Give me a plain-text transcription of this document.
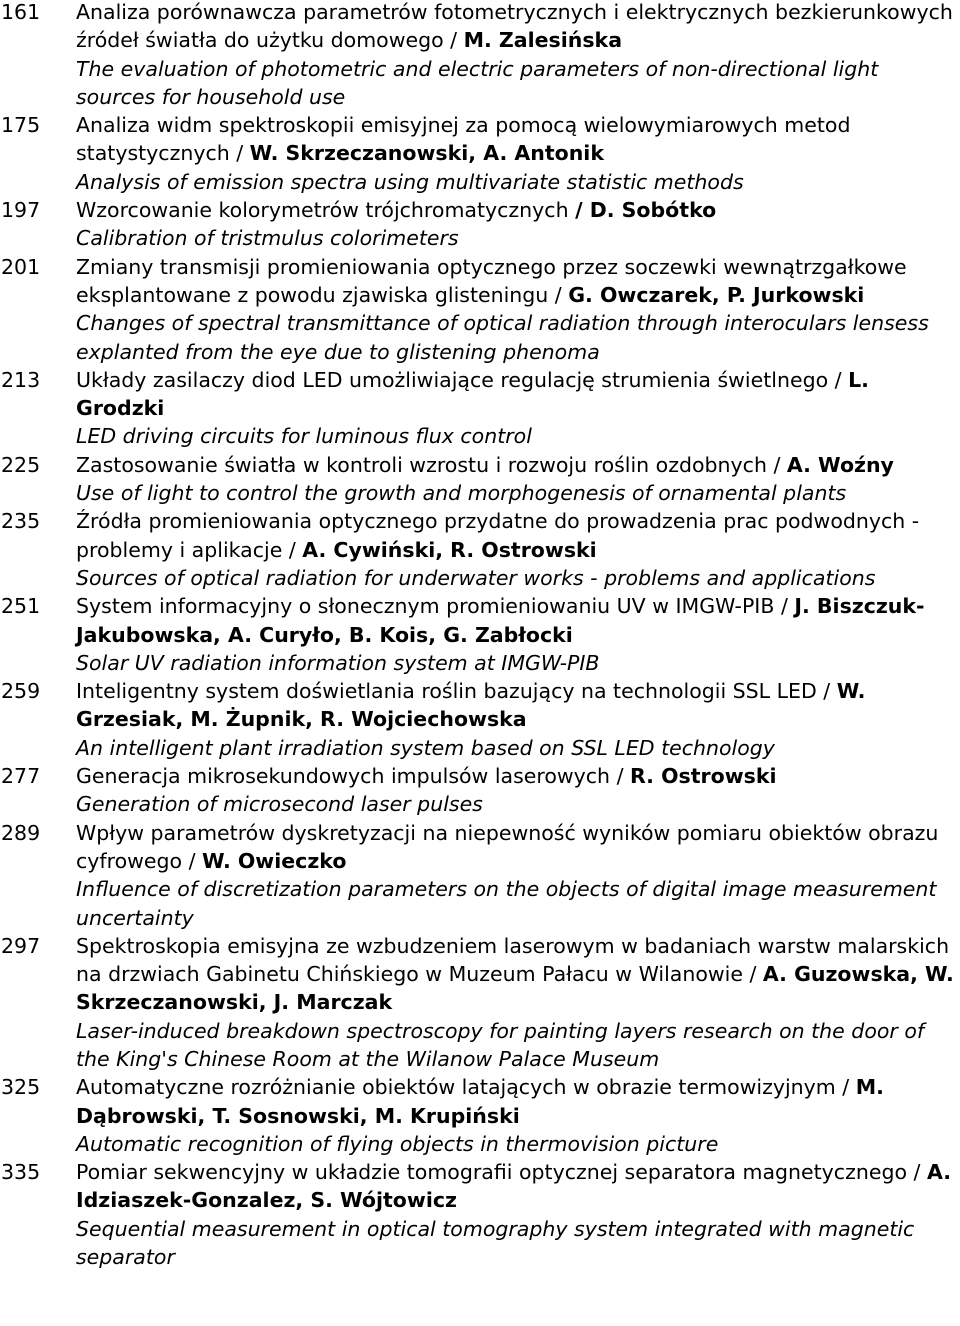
161	Analiza porównawcza parametrów fotometrycznych i elektrycznych bezkierunkowych źródeł światła do użytku domowego / M. Zalesińska
The evaluation of photometric and electric parameters of non-directional light sources for household use
175	Analiza widm spektroskopii emisyjnej za pomocą wielowymiarowych metod statystycznych / W. Skrzeczanowski, A. Antonik
Analysis of emission spectra using multivariate statistic methods
197	Wzorcowanie kolorymetrów trójchromatycznych / D. Sobótko
Calibration of tristmulus colorimeters
201	Zmiany transmisji promieniowania optycznego przez soczewki wewnątrzgałkowe eksplantowane z powodu zjawiska glisteningu / G. Owczarek, P. Jurkowski
Changes of spectral transmittance of optical radiation through interoculars lensess explanted from the eye due to glistening phenoma
213	Układy zasilaczy diod LED umożliwiające regulację strumienia świetlnego / L. Grodzki
LED driving circuits for luminous flux control
225	Zastosowanie światła w kontroli wzrostu i rozwoju roślin ozdobnych / A. Woźny
Use of light to control the growth and morphogenesis of ornamental plants
235	Źródła promieniowania optycznego przydatne do prowadzenia prac podwodnych - problemy i aplikacje / A. Cywiński, R. Ostrowski
Sources of optical radiation for underwater works - problems and applications
251	System informacyjny o słonecznym promieniowaniu UV w IMGW-PIB / J. Biszczuk-Jakubowska, A. Curyło, B. Kois, G. Zabłocki
Solar UV radiation information system at IMGW-PIB
259	Inteligentny system doświetlania roślin bazujący na technologii SSL LED / W. Grzesiak, M. Żupnik, R. Wojciechowska
An intelligent plant irradiation system based on SSL LED technology
277	Generacja mikrosekundowych impulsów laserowych / R. Ostrowski
Generation of microsecond laser pulses
289	Wpływ parametrów dyskretyzacji na niepewność wyników pomiaru obiektów obrazu cyfrowego / W. Owieczko
Influence of discretization parameters on the objects of digital image measurement uncertainty
297	Spektroskopia emisyjna ze wzbudzeniem laserowym w badaniach warstw malarskich na drzwiach Gabinetu Chińskiego w Muzeum Pałacu w Wilanowie / A. Guzowska, W. Skrzeczanowski, J. Marczak
Laser-induced breakdown spectroscopy for painting layers research on the door of the King's Chinese Room at the Wilanow Palace Museum
325	Automatyczne rozróżnianie obiektów latających w obrazie termowizyjnym / M. Dąbrowski, T. Sosnowski, M. Krupiński
Automatic recognition of flying objects in thermovision picture
335	Pomiar sekwencyjny w układzie tomografii optycznej separatora magnetycznego / A. Idziaszek-Gonzalez, S. Wójtowicz
Sequential measurement in optical tomography system integrated with magnetic separator
